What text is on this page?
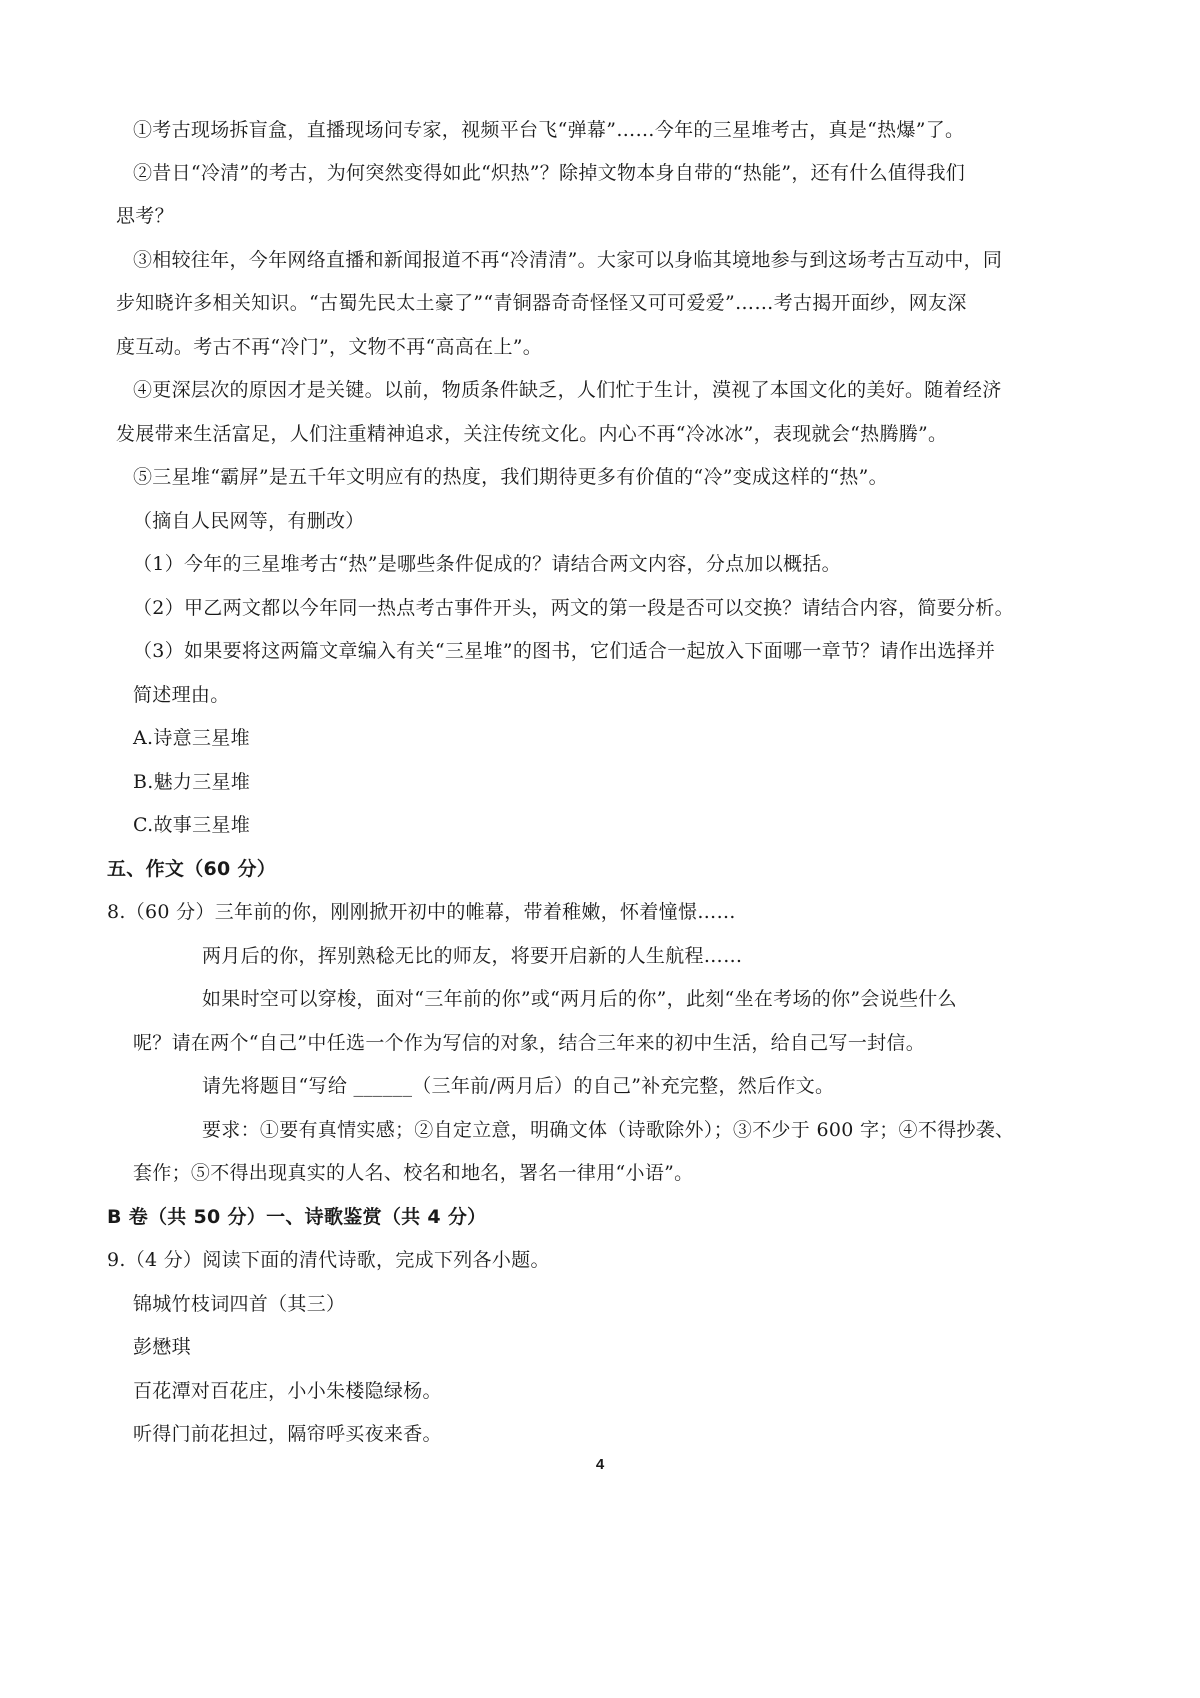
①考古现场拆盲盒，直播现场问专家，视频平台飞“弹幕”……今年的三星堆考古，真是“热爆”了。
②昔日“冷清”的考古，为何突然变得如此“炽热”？除掉文物本身自带的“热能”，还有什么值得我们
思考？
③相较往年，今年网络直播和新闻报道不再“冷清清”。大家可以身临其境地参与到这场考古互动中，同
步知晓许多相关知识。“古蜀先民太土豪了”“青铜器奇奇怪怪又可可爱爱”……考古揭开面纱，网友深
度互动。考古不再“冷门”，文物不再“高高在上”。
④更深层次的原因才是关键。以前，物质条件缺乏，人们忙于生计，漠视了本国文化的美好。随着经济
发展带来生活富足，人们注重精神追求，关注传统文化。内心不再“冷冰冰”，表现就会“热腾腾”。
⑤三星堆“霸屏”是五千年文明应有的热度，我们期待更多有价值的“冷”变成这样的“热”。
（摘自人民网等，有删改）
（1）今年的三星堆考古“热”是哪些条件促成的？请结合两文内容，分点加以概括。
（2）甲乙两文都以今年同一热点考古事件开头，两文的第一段是否可以交换？请结合内容，简要分析。
（3）如果要将这两篇文章编入有关“三星堆”的图书，它们适合一起放入下面哪一章节？请作出选择并
简述理由。
A.诗意三星堆
B.魅力三星堆
C.故事三星堆
五、作文（60 分）
8.（60 分）三年前的你，刚刚掀开初中的帷幕，带着稚嫩，怀着憧憬……
两月后的你，挥别熟稔无比的师友，将要开启新的人生航程……
如果时空可以穿梭，面对“三年前的你”或“两月后的你”，此刻“坐在考场的你”会说些什么
呢？请在两个“自己”中任选一个作为写信的对象，结合三年来的初中生活，给自己写一封信。
请先将题目“写给 ______（三年前/两月后）的自己”补充完整，然后作文。
要求：①要有真情实感；②自定立意，明确文体（诗歌除外）；③不少于 600 字；④不得抄袭、
套作；⑤不得出现真实的人名、校名和地名，署名一律用“小语”。
B 卷（共 50 分）一、诗歌鉴赏（共 4 分）
9.（4 分）阅读下面的清代诗歌，完成下列各小题。
锦城竹枝词四首（其三）
彭懋琪
百花潭对百花庄，小小朱楼隐绿杨。
听得门前花担过，隔帘呼买夜来香。
4
